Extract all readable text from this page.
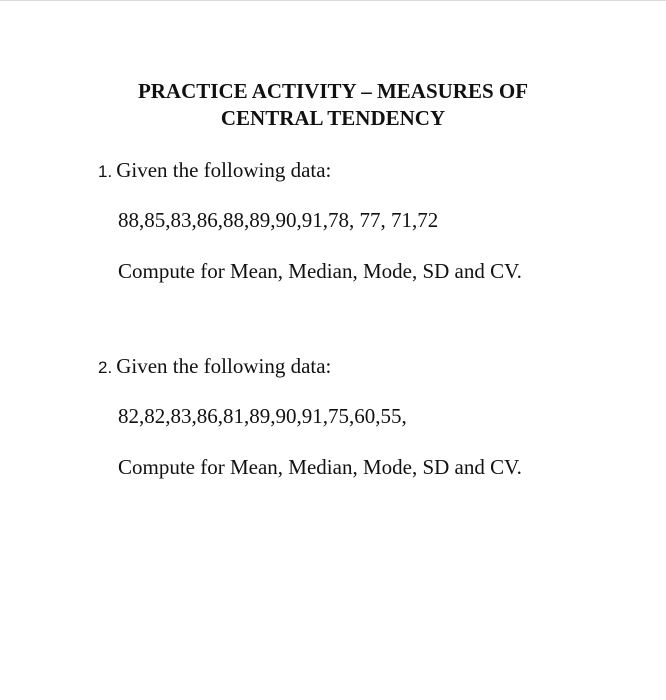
PRACTICE ACTIVITY – MEASURES OF
CENTRAL TENDENCY
1. Given the following data:
88,85,83,86,88,89,90,91,78, 77, 71,72
Compute for Mean, Median, Mode, SD and CV.
2. Given the following data:
82,82,83,86,81,89,90,91,75,60,55,
Compute for Mean, Median, Mode, SD and CV.
